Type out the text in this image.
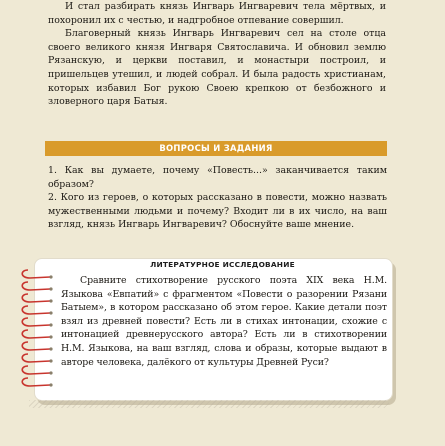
И стал разбирать князь Ингварь Ингваревич тела мёртвых, и похоронил их с честью, и надгробное отпевание совершил.

Благоверный князь Ингварь Ингваревич сел на столе отца своего великого князя Ингваря Святославича. И обновил землю Рязанскую, и церкви поставил, и монастыри построил, и пришельцев утешил, и людей собрал. И была радость христианам, которых избавил Бог рукою Своею крепкою от безбожного и зловерного царя Батыя.

ВОПРОСЫ И ЗАДАНИЯ

1. Как вы думаете, почему «Повесть...» заканчивается таким образом?

2. Кого из героев, о которых рассказано в повести, можно назвать мужественными людьми и почему? Входит ли в их число, на ваш взгляд, князь Ингварь Ингваревич? Обоснуйте ваше мнение.

ЛИТЕРАТУРНОЕ ИССЛЕДОВАНИЕ

Сравните стихотворение русского поэта XIX века Н.М. Языкова «Евпатий» с фрагментом «Повести о разорении Рязани Батыем», в котором рассказано об этом герое. Какие детали поэт взял из древней повести? Есть ли в стихах интонации, схожие с интонацией древнерусского автора? Есть ли в стихотворении Н.М. Языкова, на ваш взгляд, слова и образы, которые выдают в авторе человека, далёкого от культуры Древней Руси?
